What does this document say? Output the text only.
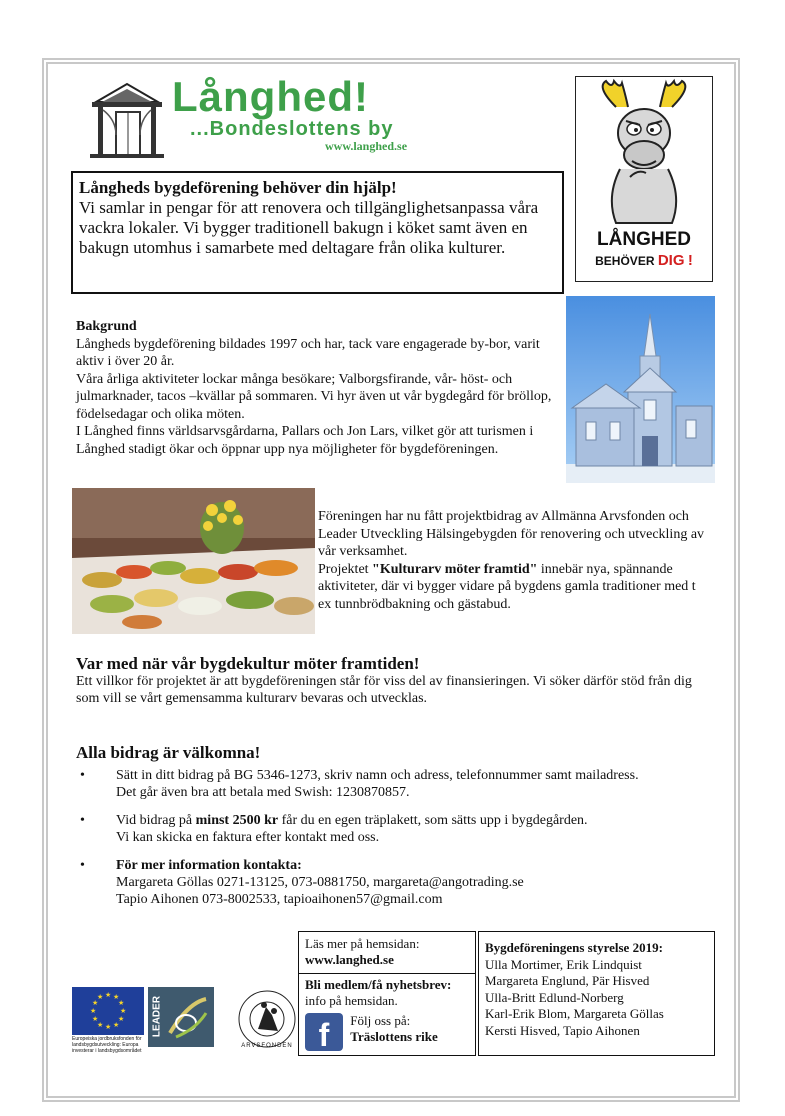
Långhed!
...Bondeslottens by
www.langhed.se
LÅNGHED
BEHÖVER DIG !
Långheds bygdeförening behöver din hjälp!

Vi samlar in pengar för att renovera och tillgänglighetsanpassa våra vackra lokaler. Vi bygger traditionell bakugn i köket samt även en bakugn utomhus i samarbete med deltagare från olika kulturer.

Bakgrund
Långheds bygdeförening bildades 1997 och har, tack vare engagerade by-bor, varit aktiv i över 20 år.
Våra årliga aktiviteter lockar många besökare; Valborgsfirande, vår- höst- och julmarknader, tacos –kvällar på sommaren. Vi hyr även ut vår bygdegård för bröllop, födelsedagar och olika möten.
I Långhed finns världsarvsgårdarna, Pallars och Jon Lars, vilket gör att turismen i Långhed stadigt ökar och öppnar upp nya möjligheter för bygdeföreningen.
Föreningen har nu fått projektbidrag av Allmänna Arvsfonden och Leader Utveckling Hälsingebygden för renovering och utveckling av vår verksamhet.
Projektet "Kulturarv möter framtid" innebär nya, spännande aktiviteter, där vi bygger vidare på bygdens gamla traditioner med t ex tunnbrödbakning och gästabud.
Var med när vår bygdekultur möter framtiden!
Ett villkor för projektet är att bygdeföreningen står för viss del av finansieringen. Vi söker därför stöd från dig som vill se vårt gemensamma kulturarv bevaras och utvecklas.
Alla bidrag är välkomna!
• Sätt in ditt bidrag på BG 5346-1273, skriv namn och adress, telefonnummer samt mailadress.
Det går även bra att betala med Swish: 1230870857.
• Vid bidrag på minst 2500 kr får du en egen träplakett, som sätts upp i bygdegården.
Vi kan skicka en faktura efter kontakt med oss.
• För mer information kontakta:
Margareta Göllas 0271-13125, 073-0881750, margareta@angotrading.se
Tapio Aihonen 073-8002533, tapioaihonen57@gmail.com
★ ★
★
★
★
★
★
★
★
★
★
★
Europeiska jordbruksfonden för
landsbygdsutveckling: Europa
investerar i landsbygdsområdet
LEADER
ARVSFONDEN
Läs mer på hemsidan:
www.langhed.se
Bli medlem/få nyhetsbrev:
info på hemsidan.
f Följ oss på:
Träslottens rike
Bygdeföreningens styrelse 2019:
Ulla Mortimer, Erik Lindquist
Margareta Englund, Pär Hisved
Ulla-Britt Edlund-Norberg
Karl-Erik Blom, Margareta Göllas
Kersti Hisved, Tapio Aihonen
